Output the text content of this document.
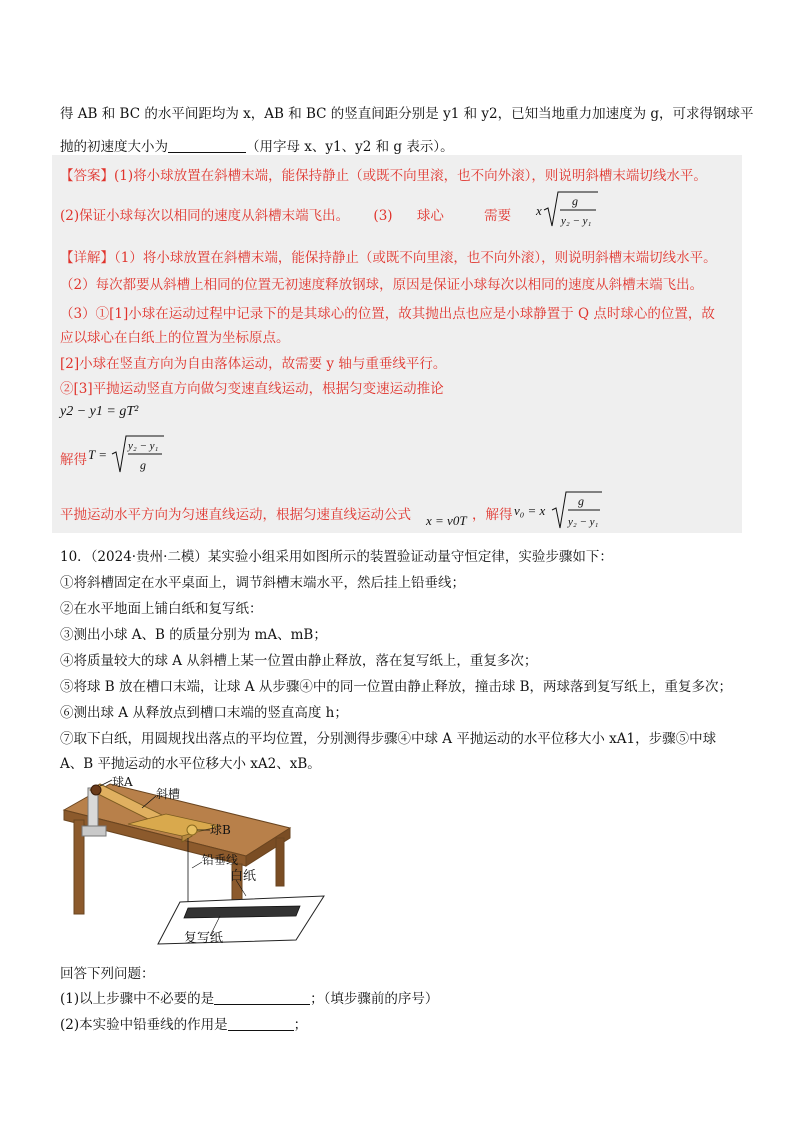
得 AB 和 BC 的水平间距均为 x，AB 和 BC 的竖直间距分别是 y1 和 y2，已知当地重力加速度为 g，可求得钢球平
抛的初速度大小为	（用字母 x、y1、y2 和 g 表示）。
【答案】(1)将小球放置在斜槽末端，能保持静止（或既不向里滚，也不向外滚），则说明斜槽末端切线水平。
(2)保证小球每次以相同的速度从斜槽末端飞出。 (3) 球心	需要 x
g
y₂ − y₁
【详解】（1）将小球放置在斜槽末端，能保持静止（或既不向里滚，也不向外滚），则说明斜槽末端切线水平。
（2）每次都要从斜槽上相同的位置无初速度释放钢球，原因是保证小球每次以相同的速度从斜槽末端飞出。
（3）①[1]小球在运动过程中记录下的是其球心的位置，故其抛出点也应是小球静置于 Q 点时球心的位置，故
应以球心在白纸上的位置为坐标原点。
[2]小球在竖直方向为自由落体运动，故需要 y 轴与重垂线平行。
②[3]平抛运动竖直方向做匀变速直线运动，根据匀变速运动推论
y2 − y1 = gT²
解得 T =
y₂ − y₁
g
平抛运动水平方向为匀速直线运动，根据匀速直线运动公式 x = v0T ，解得 v₀ = x
g
y₂ − y₁
10．（2024·贵州·二模）某实验小组采用如图所示的装置验证动量守恒定律，实验步骤如下：
①将斜槽固定在水平桌面上，调节斜槽末端水平，然后挂上铅垂线；
②在水平地面上铺白纸和复写纸：
③测出小球 A、B 的质量分别为 mA、mB；
④将质量较大的球 A 从斜槽上某一位置由静止释放，落在复写纸上，重复多次；
⑤将球 B 放在槽口末端，让球 A 从步骤④中的同一位置由静止释放，撞击球 B，两球落到复写纸上，重复多次；
⑥测出球 A 从释放点到槽口末端的竖直高度 h；
⑦取下白纸，用圆规找出落点的平均位置，分别测得步骤④中球 A 平抛运动的水平位移大小 xA1，步骤⑤中球
A、B 平抛运动的水平位移大小 xA2、xB。
球A
斜槽
球B
铅垂线
白纸
复写纸
回答下列问题：
(1)以上步骤中不必要的是	；（填步骤前的序号）
(2)本实验中铅垂线的作用是	；
